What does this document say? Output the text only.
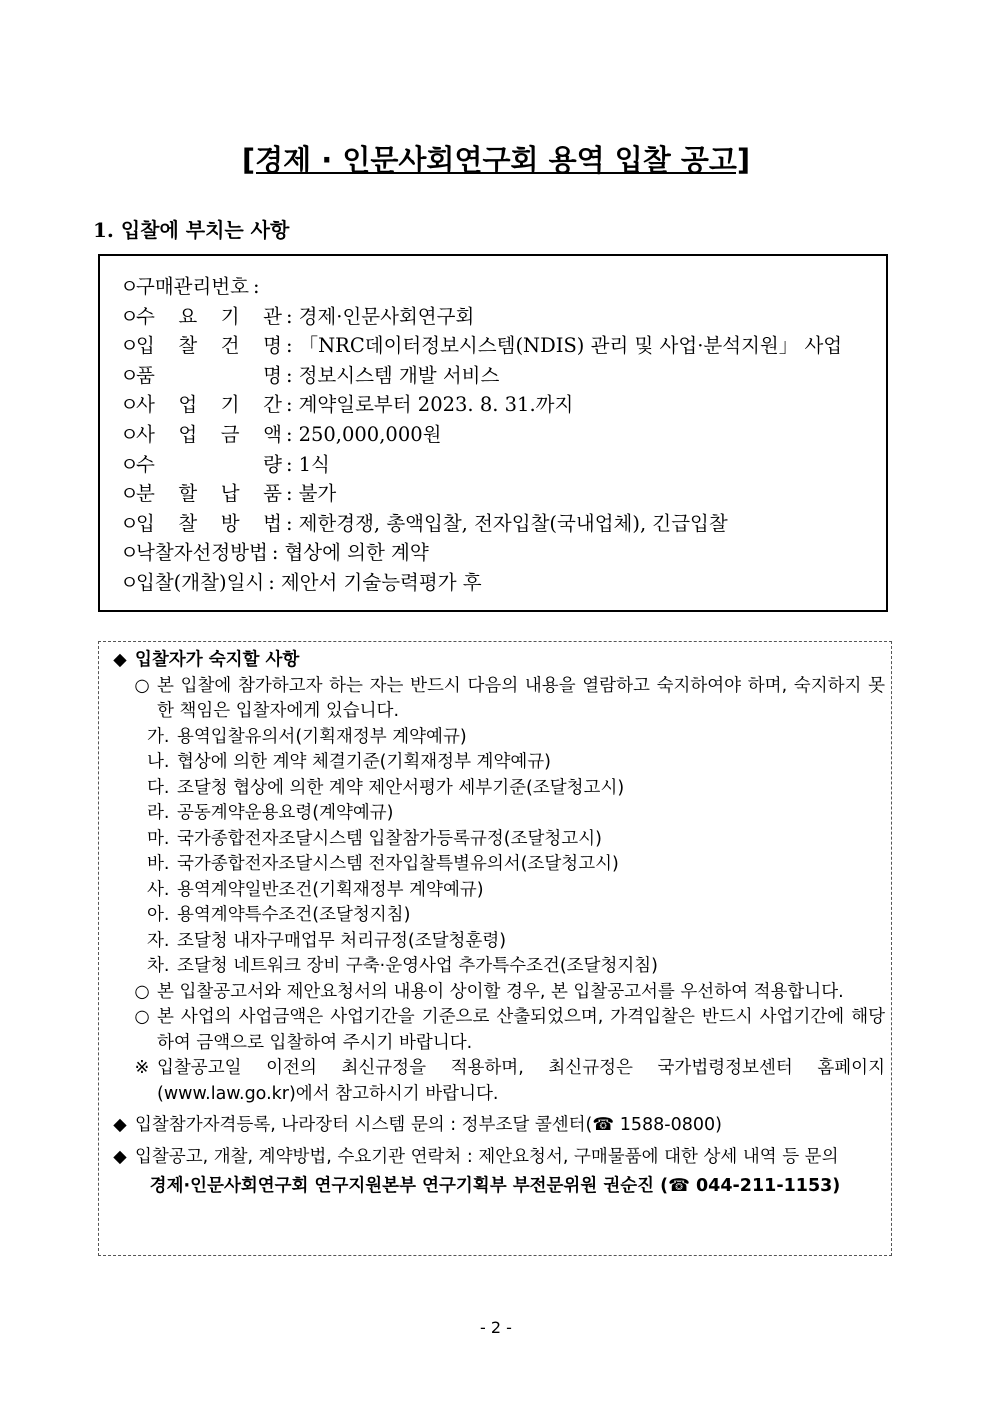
[경제 · 인문사회연구회 용역 입찰 공고]
1. 입찰에 부치는 사항
ㅇ
구매관리번호 :
ㅇ
수 요 기 관 : 경제·인문사회연구회
ㅇ
입 찰 건 명 : 「NRC데이터정보시스템(NDIS) 관리 및 사업·분석지원」 사업
ㅇ
품	명 : 정보시스템 개발 서비스
ㅇ
사 업 기 간 : 계약일로부터 2023. 8. 31.까지
ㅇ
사 업 금 액 : 250,000,000원
ㅇ
수	량 : 1식
ㅇ
분 할 납 품 : 불가
ㅇ
입 찰 방 법 : 제한경쟁, 총액입찰, 전자입찰(국내업체), 긴급입찰
ㅇ
낙찰자선정방법 : 협상에 의한 계약
ㅇ
입찰(개찰)일시 : 제안서 기술능력평가 후
◆ 입찰자가 숙지할 사항
○ 본 입찰에 참가하고자 하는 자는 반드시 다음의 내용을 열람하고 숙지하여야 하며, 숙지하지 못한 책임은 입찰자에게 있습니다.
가. 용역입찰유의서(기획재정부 계약예규)
나. 협상에 의한 계약 체결기준(기획재정부 계약예규)
다. 조달청 협상에 의한 계약 제안서평가 세부기준(조달청고시)
라. 공동계약운용요령(계약예규)
마. 국가종합전자조달시스템 입찰참가등록규정(조달청고시)
바. 국가종합전자조달시스템 전자입찰특별유의서(조달청고시)
사. 용역계약일반조건(기획재정부 계약예규)
아. 용역계약특수조건(조달청지침)
자. 조달청 내자구매업무 처리규정(조달청훈령)
차. 조달청 네트워크 장비 구축·운영사업 추가특수조건(조달청지침)
○ 본 입찰공고서와 제안요청서의 내용이 상이할 경우, 본 입찰공고서를 우선하여 적용합니다.
○ 본 사업의 사업금액은 사업기간을 기준으로 산출되었으며, 가격입찰은 반드시 사업기간에 해당하여 금액으로 입찰하여 주시기 바랍니다.
※ 입찰공고일 이전의 최신규정을 적용하며, 최신규정은 국가법령정보센터 홈페이지 (www.law.go.kr)에서 참고하시기 바랍니다.
◆ 입찰참가자격등록, 나라장터 시스템 문의 : 정부조달 콜센터(☎ 1588-0800)
◆ 입찰공고, 개찰, 계약방법, 수요기관 연락처 : 제안요청서, 구매물품에 대한 상세 내역 등 문의
경제·인문사회연구회 연구지원본부 연구기획부 부전문위원 권순진 (☎ 044-211-1153)
- 2 -
